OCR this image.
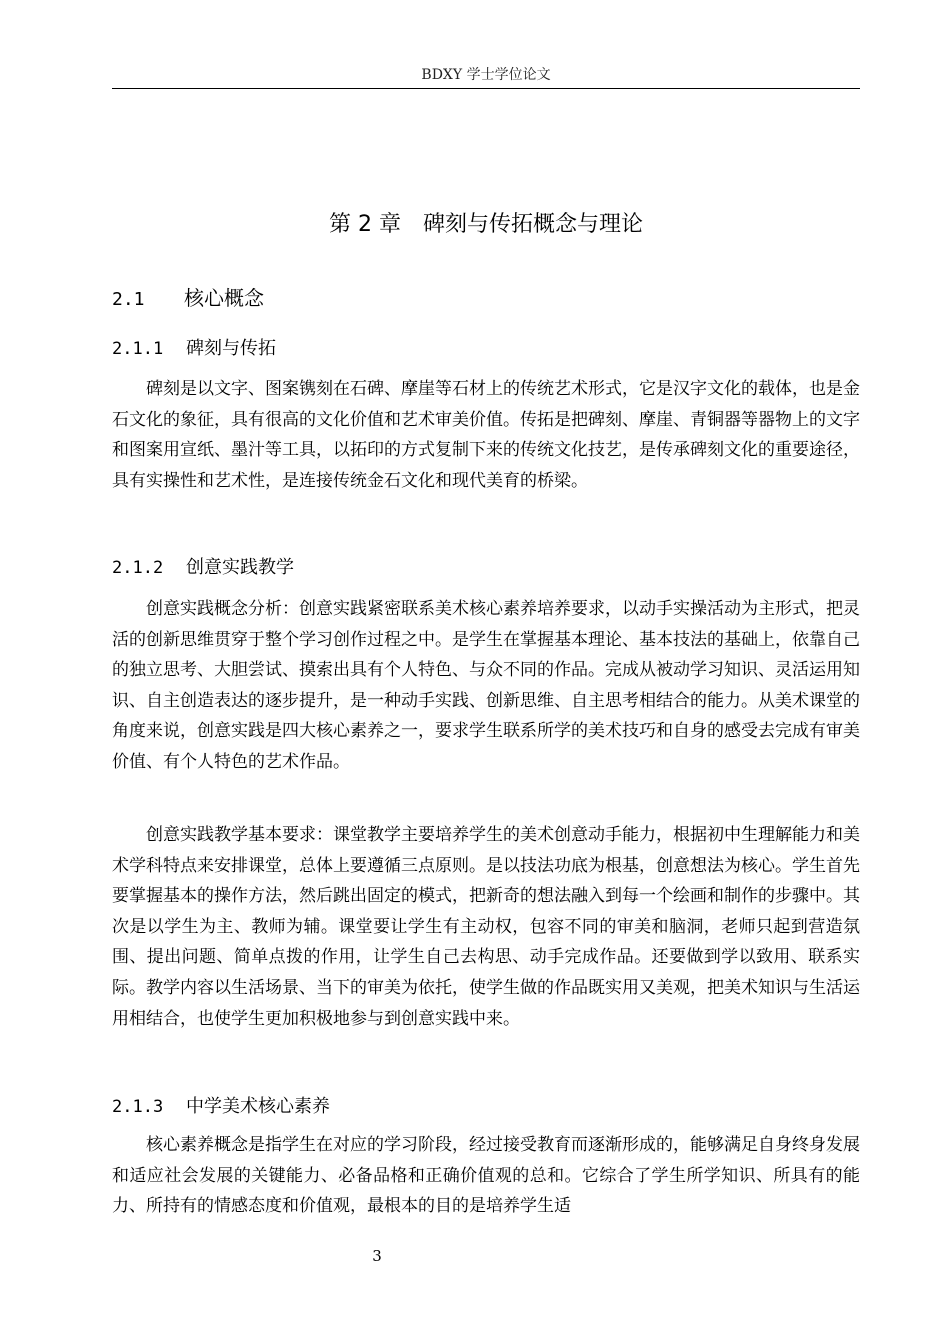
BDXY 学士学位论文
第 2 章 碑刻与传拓概念与理论
2.1 核心概念
2.1.1 碑刻与传拓

碑刻是以文字、图案镌刻在石碑、摩崖等石材上的传统艺术形式，它是汉字文化的载体，也是金石文化的象征，具有很高的文化价值和艺术审美价值。传拓是把碑刻、摩崖、青铜器等器物上的文字和图案用宣纸、墨汁等工具，以拓印的方式复制下来的传统文化技艺，是传承碑刻文化的重要途径，具有实操性和艺术性，是连接传统金石文化和现代美育的桥梁。

2.1.2 创意实践教学

创意实践概念分析：创意实践紧密联系美术核心素养培养要求，以动手实操活动为主形式，把灵活的创新思维贯穿于整个学习创作过程之中。是学生在掌握基本理论、基本技法的基础上，依靠自己的独立思考、大胆尝试、摸索出具有个人特色、与众不同的作品。完成从被动学习知识、灵活运用知识、自主创造表达的逐步提升，是一种动手实践、创新思维、自主思考相结合的能力。从美术课堂的角度来说，创意实践是四大核心素养之一，要求学生联系所学的美术技巧和自身的感受去完成有审美价值、有个人特色的艺术作品。

创意实践教学基本要求：课堂教学主要培养学生的美术创意动手能力，根据初中生理解能力和美术学科特点来安排课堂，总体上要遵循三点原则。是以技法功底为根基，创意想法为核心。学生首先要掌握基本的操作方法，然后跳出固定的模式，把新奇的想法融入到每一个绘画和制作的步骤中。其次是以学生为主、教师为辅。课堂要让学生有主动权，包容不同的审美和脑洞，老师只起到营造氛围、提出问题、简单点拨的作用，让学生自己去构思、动手完成作品。还要做到学以致用、联系实际。教学内容以生活场景、当下的审美为依托，使学生做的作品既实用又美观，把美术知识与生活运用相结合，也使学生更加积极地参与到创意实践中来。

2.1.3 中学美术核心素养

核心素养概念是指学生在对应的学习阶段，经过接受教育而逐渐形成的，能够满足自身终身发展和适应社会发展的关键能力、必备品格和正确价值观的总和。它综合了学生所学知识、所具有的能力、所持有的情感态度和价值观，最根本的目的是培养学生适

3
